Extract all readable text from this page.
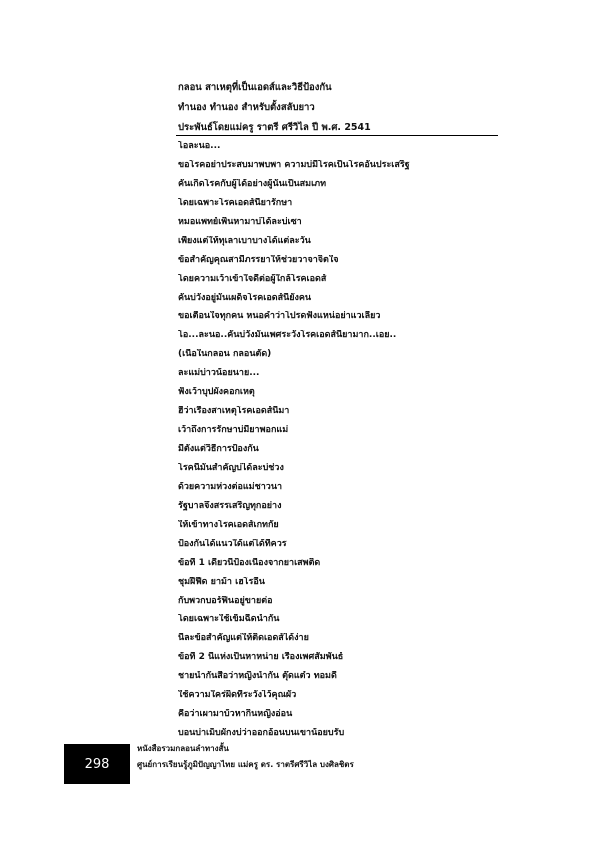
กลอน สาเหตุที่เป็นเอดส์และวิธีป้องกัน
ทำนอง ทำนอง สำหรับตั้งสลับยาว
ประพันธ์โดยแม่ครู ราตรี ศรีวิไล ปี พ.ศ. 2541
โอละนอ...
ขอโรคอย่าประสบมาพบพา ความบ่มีโรคเป็นโรคอันประเสริฐ
คันเกิดโรคกับผู้ได้อย่างผู้นั้นเป็นสมเภท
โดยเฉพาะโรคเอดส์นี้ยารักษา
หมอแพทย์เพิ่นหามาบ่ได้ละบ่เซา
เพียงแต่ให้ทุเลาเบาบางได้แต่ละวัน
ข้อสำคัญคุณสามีภรรยาให้ช่วยวาจาจิตใจ
โดยความเว้าเข้าใจดีต่อผู้ใกล้โรคเอดส์
คันบ่วังอยู่มันเผด็จโรคเอดส์นี้ยังคน
ขอเตือนใจทุกคน หนอคำว่าโปรดฟังแหน่อย่าแวเลี้ยว
โอ...ละนอ..คันบ่วังมั่นเพศระวังโรคเอดส์นี้ยามาก..เอย..
(เนื้อในกลอน กลอนตัด)
ละแม่บ่าวน้อยนาย...
ฟังเว้าบุปผังคอกเหตุ
ฮีว่าเรื่องสาเหตุโรคเอดส์นี้มา
เว้าถึงการรักษาบ่มียาพอกแม่
มีตั้งแต่วิธีการป้องกัน
โรคนี้มันสำคัญบ่ได้ละบ่ช่วง
ด้วยความห่วงต่อแม่ชาวนา
รัฐบาลจึงสรรเสริญทุกอย่าง
ให้เข้าทางโรคเอดส์เกทกัย
ป้องกันได้แนวใด้แต่ได้ที่ควร
ข้อที่ 1 เดียวนี้ป้องเนื่องจากยาเสพติด
ชุมฝีฟืด ยาม้า เฮโรอีน
กับพวกบอร์ฟินอยู่ขายต่อ
โดยเฉพาะใช้เข็มฉีดนำกัน
นี่ละข้อสำคัญแต่ให้ติดเอดส์ได้ง่าย
ข้อที่ 2 นี่แห่งเป็นหาหน่าย เรื่องเพศสัมพันธ์
ชายนำกันสือว่าหญิงนำกัน ตุ๊ดแต๋ว ทอมดี้
ใช้ความใคร่ผิดที่ระวังไว้คุณผัว
คือว่าเผามาบ้วหากินหญิงอ่อน
บอนบ่าเม็บผักงบ่ว่าออกอ้อนบนเขาน้อยบรับ
298
หนังสือรวมกลอนลำทางสั้น
ศูนย์การเรียนรู้ภูมิปัญญาไทย แม่ครู ดร. ราตรีศรีวิไล บงศิลชิตร
